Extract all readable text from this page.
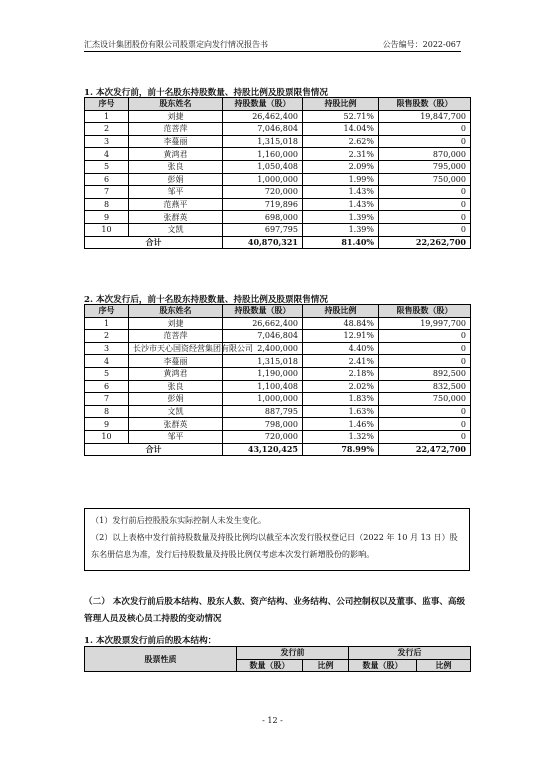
汇杰设计集团股份有限公司股票定向发行情况报告书	公告编号：2022-067
1. 本次发行前，前十名股东持股数量、持股比例及股票限售情况
序号	股东姓名	持股数量（股）	持股比例	限售股数（股）
1	刘捷	26,462,400	52.71%	19,847,700
2	范菩萍	7,046,804	14.04%	0
3	李蔓丽	1,315,018	2.62%	0
4	黄鸿君	1,160,000	2.31%	870,000
5	张良	1,050,408	2.09%	795,000
6	彭娟	1,000,000	1.99%	750,000
7	邹平	720,000	1.43%	0
8	范燕平	719,896	1.43%	0
9	张群英	698,000	1.39%	0
10	文凯	697,795	1.39%	0
合计		40,870,321	81.40%	22,262,700
2. 本次发行后，前十名股东持股数量、持股比例及股票限售情况
序号	股东姓名	持股数量（股）	持股比例	限售股数（股）
1	刘捷	26,662,400	48.84%	19,997,700
2	范菩萍	7,046,804	12.91%	0
3	长沙市天心国资经营集团有限公司	2,400,000	4.40%	0
4	李蔓丽	1,315,018	2.41%	0
5	黄鸿君	1,190,000	2.18%	892,500
6	张良	1,100,408	2.02%	832,500
7	彭娟	1,000,000	1.83%	750,000
8	文凯	887,795	1.63%	0
9	张群英	798,000	1.46%	0
10	邹平	720,000	1.32%	0
合计		43,120,425	78.99%	22,472,700

（1）发行前后控股股东实际控制人未发生变化。

（2）以上表格中发行前持股数量及持股比例均以截至本次发行股权登记日（2022 年 10 月 13 日）股东名册信息为准，发行后持股数量及持股比例仅考虑本次发行新增股份的影响。

（二） 本次发行前后股本结构、股东人数、资产结构、业务结构、公司控制权以及董事、监事、高级管理人员及核心员工持股的变动情况
1. 本次股票发行前后的股本结构：
股票性质	发行前		发行后	
	数量（股）	比例	数量（股）	比例
- 12 -
